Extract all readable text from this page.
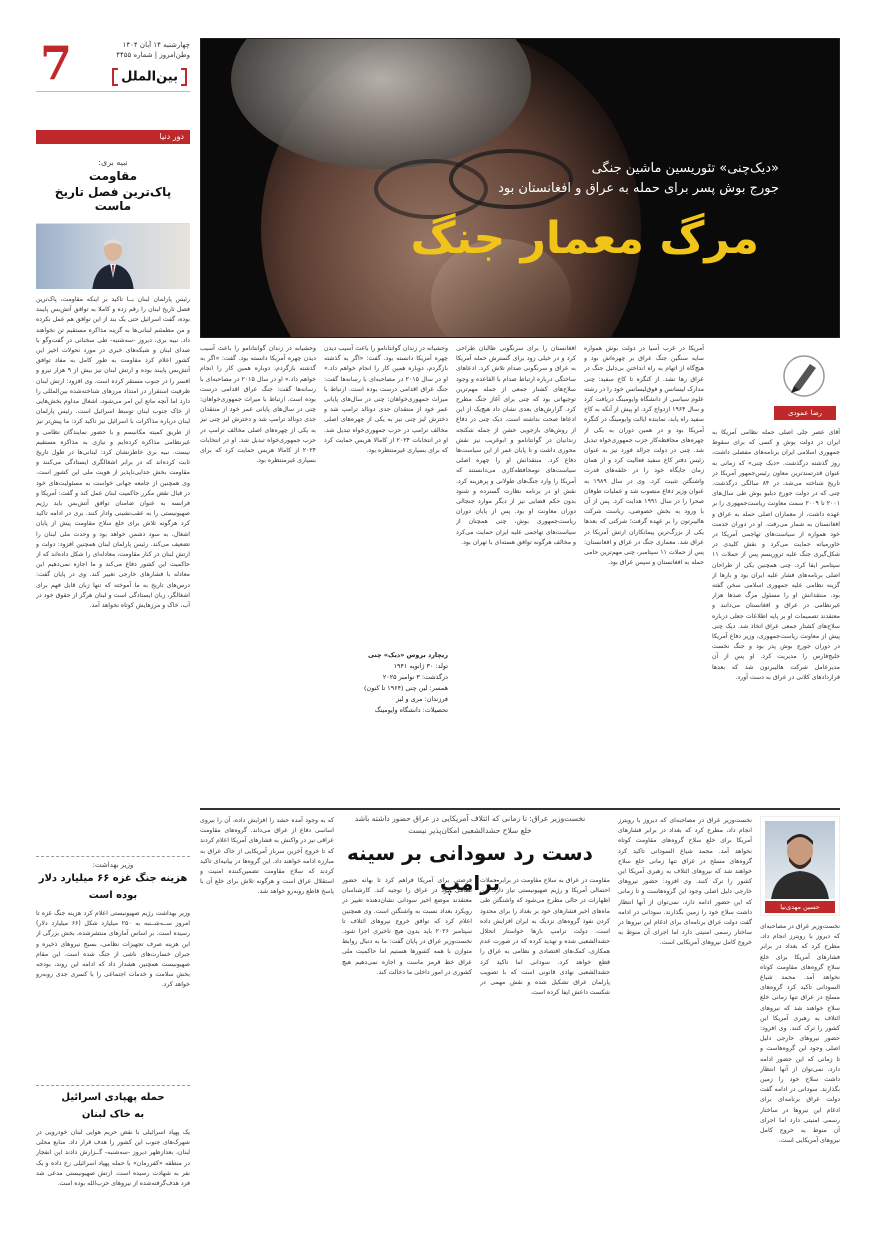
7	چهارشنبه ۱۴ آبان ۱۴۰۴
وطن‌امروز | شماره ۴۴۵۵
بین‌الملل
دور دنیا
نبیه بری:
مقاومت
پاک‌ترین فصل تاریخ ماست
رئیس پارلمان لبنان بــا تاکید بر اینکه مقاومت، پاک‌ترین فصل تاریخ لبنان را رقم زده و کاملا به توافق آتش‌بس پایبند بوده، گفت اسرائیل حتی یک بند از این توافق هم عمل نکرده و من مطمئنم لبنانی‌ها به گزینه مذاکره مستقیم تن نخواهند داد. نبیه بری، دیروز -سه‌شنبه- طی سخنانی در گفت‌وگو با صدای لبنان و شبکه‌های خبری در مورد تحولات اخیر این کشور اعلام کرد مقاومت به طور کامل به مفاد توافق آتش‌بس پایبند بوده و ارتش لبنان نیز بیش از ۹ هزار نیرو و افسر را در جنوب مستقر کرده است. وی افزود: ارتش لبنان ظرفیت استقرار در امتداد مرزهای شناخته‌شده بین‌المللی را دارد اما آنچه مانع این امر می‌شود، اشغال مداوم بخش‌هایی از خاک جنوب لبنان توسط اسرائیل است. رئیس پارلمان لبنان درباره مذاکرات با اسرائیل نیز تاکید کرد: ما پیش‌تر نیز از طریق کمیته مکانیسم و با حضور نمایندگان نظامی و غیرنظامی مذاکره کرده‌ایم و نیازی به مذاکره مستقیم نیست. نبیه بری خاطرنشان کرد: لبنانی‌ها در طول تاریخ ثابت کرده‌اند که در برابر اشغالگری ایستادگی می‌کنند و مقاومت بخش جدایی‌ناپذیر از هویت ملی این کشور است. وی همچنین از جامعه جهانی خواست به مسئولیت‌های خود در قبال نقض مکرر حاکمیت لبنان عمل کند و گفت: آمریکا و فرانسه به عنوان ضامنان توافق آتش‌بس باید رژیم صهیونیستی را به عقب‌نشینی وادار کنند. بری در ادامه تاکید کرد هرگونه تلاش برای خلع سلاح مقاومت پیش از پایان اشغال، به سود دشمن خواهد بود و وحدت ملی لبنان را تضعیف می‌کند. رئیس پارلمان لبنان همچنین افزود: دولت و ارتش لبنان در کنار مقاومت، معادله‌ای را شکل داده‌اند که از حاکمیت این کشور دفاع می‌کند و ما اجازه نمی‌دهیم این معادله با فشارهای خارجی تغییر کند. وی در پایان گفت: درس‌های تاریخ به ما آموخته که تنها زبان قابل فهم برای اشغالگر، زبان ایستادگی است و لبنان هرگز از حقوق خود در آب، خاک و مرزهایش کوتاه نخواهد آمد.
وزیر بهداشت:
هزینه جنگ غزه ۶۶ میلیارد دلار
بوده است
وزیر بهداشت رژیم صهیونیستی اعلام کرد هزینه جنگ غزه تا امروز ســه‌شــنبه به ۲۵۰ میلیارد شکل (۶۶ میلیارد دلار) رسیده است. بر اساس آمارهای منتشرشده، بخش بزرگی از این هزینه صرف تجهیزات نظامی، بسیج نیروهای ذخیره و جبران خسارت‌های ناشی از جنگ شده است. این مقام صهیونیست همچنین هشدار داد که ادامه این روند، بودجه بخش سلامت و خدمات اجتماعی را با کسری جدی روبه‌رو خواهد کرد.
حمله پهپادی اسرائیل
به خاک لبنان
یک پهپاد اسرائیلی با نقض حریم هوایی لبنان خودرویی در شهرک‌های جنوب این کشور را هدف قرار داد. منابع محلی لبنان، بعدازظهر دیروز -سه‌شنبه- گــزارش دادند این انفجار در منطقه «کفررمان» با حمله پهپاد اسرائیلی رخ داده و یک نفر به شهادت رسیده است. ارتش صهیونیستی مدعی شد فرد هدف‌گرفته‌شده از نیروهای حزب‌الله بوده است.
«دیک‌چنی» تئوریسین ماشین جنگی
جورج بوش پسر برای حمله به عراق و افغانستان بود
مرگ معمار جنگ
رضا عمودی
آقای عصر جلی اصلی حمله نظامی آمریکا به ایران در دولت بوش و کسی که برای سقوط جمهوری اسلامی ایران برنامه‌های مفصلی داشت، روز گذشته درگذشت. «دیک چنی» که زمانی به عنوان قدرتمندترین معاون رئیس‌جمهور آمریکا در تاریخ شناخته می‌شد، در ۸۴ سالگی درگذشت. چنی که در دولت جورج دبلیو بوش طی سال‌های ۲۰۰۱ تا ۲۰۰۹ سمت معاونت ریاست‌جمهوری را بر عهده داشت، از معماران اصلی حمله به عراق و افغانستان به شمار می‌رفت. او در دوران خدمت خود همواره از سیاست‌های تهاجمی آمریکا در خاورمیانه حمایت می‌کرد و نقش کلیدی در شکل‌گیری جنگ علیه تروریسم پس از حملات ۱۱ سپتامبر ایفا کرد. چنی همچنین یکی از طراحان اصلی برنامه‌های فشار علیه ایران بود و بارها از گزینه نظامی علیه جمهوری اسلامی سخن گفته بود. منتقدانش او را مسئول مرگ صدها هزار غیرنظامی در عراق و افغانستان می‌دانند و معتقدند تصمیمات او بر پایه اطلاعات جعلی درباره سلاح‌های کشتار جمعی عراق اتخاذ شد. دیک چنی پیش از معاونت ریاست‌جمهوری، وزیر دفاع آمریکا در دوران جورج بوش پدر بود و جنگ نخست خلیج‌فارس را مدیریت کرد. او پس از آن مدیرعامل شرکت هالیبرتون شد که بعدها قراردادهای کلانی در عراق به دست آورد.
آمریکا در غرب آسیا در دولت بوش همواره سایه سنگین جنگ عراق بر چهره‌اش بود و هیچ‌گاه از اتهام به راه انداختن بی‌دلیل جنگ در عراق رها نشد. از کنگره تا کاخ سفید: چنی مدارک لیسانس و فوق‌لیسانس خود را در رشته علوم سیاسی از دانشگاه وایومینگ دریافت کرد و سال ۱۹۶۴ ازدواج کرد. او پیش از آنکه به کاخ سفید راه یابد، نماینده ایالت وایومینگ در کنگره آمریکا بود و در همین دوران به یکی از چهره‌های محافظه‌کار حزب جمهوری‌خواه تبدیل شد. چنی در دولت جرالد فورد نیز به عنوان رئیس دفتر کاخ سفید فعالیت کرد و از همان زمان جایگاه خود را در حلقه‌های قدرت واشنگتن تثبیت کرد. وی در سال ۱۹۸۹ به عنوان وزیر دفاع منصوب شد و عملیات طوفان صحرا را در سال ۱۹۹۱ هدایت کرد. پس از آن با ورود به بخش خصوصی، ریاست شرکت هالیبرتون را بر عهده گرفت؛ شرکتی که بعدها یکی از بزرگ‌ترین پیمانکاران ارتش آمریکا در عراق شد. معماری جنگ در عراق و افغانستان: پس از حملات ۱۱ سپتامبر، چنی مهم‌ترین حامی حمله به افغانستان و سپس عراق بود.
افغانستان را برای سرنگونی طالبان طراحی کرد و در خیلی زود برای گسترش حمله آمریکا به عراق و سرنگونی صدام تلاش کرد. ادعاهای ساختگی درباره ارتباط صدام با القاعده و وجود سلاح‌های کشتار جمعی از جمله مهم‌ترین توجیهاتی بود که چنی برای آغاز جنگ مطرح کرد. گزارش‌های بعدی نشان داد هیچ‌یک از این ادعاها صحت نداشته است. دیک چنی در دفاع از روش‌های بازجویی خشن از جمله شکنجه زندانیان در گوانتانامو و ابوغریب نیز نقش محوری داشت و تا پایان عمر از این سیاست‌ها دفاع کرد. منتقدانش او را چهره اصلی سیاست‌های نومحافظه‌کاری می‌دانستند که آمریکا را وارد جنگ‌های طولانی و پرهزینه کرد. نقش او در برنامه نظارت گسترده و شنود بدون حکم قضایی نیز از دیگر موارد جنجالی دوران معاونت او بود. پس از پایان دوران ریاست‌جمهوری بوش، چنی همچنان از سیاست‌های تهاجمی علیه ایران حمایت می‌کرد و مخالف هرگونه توافق هسته‌ای با تهران بود.
وحشیانه در زندان گوانتانامو را باعث آسیب دیدن چهره آمریکا دانسته بود. گفت: «اگر به گذشته بازگردم، دوباره همین کار را انجام خواهم داد.» او در سال ۲۰۱۵ در مصاحبه‌ای با رسانه‌ها گفت: جنگ عراق اقدامی درست بوده است. ارتباط با میراث جمهوری‌خواهان: چنی در سال‌های پایانی عمر خود از منتقدان جدی دونالد ترامپ شد و دخترش لیز چنی نیز به یکی از چهره‌های اصلی مخالف ترامپ در حزب جمهوری‌خواه تبدیل شد. او در انتخابات ۲۰۲۴ از کامالا هریس حمایت کرد که برای بسیاری غیرمنتظره بود.
ریچارد بروس «دیک» چنی
تولد: ۳۰ ژانویه ۱۹۴۱
درگذشت: ۳ نوامبر ۲۰۲۵
همسر: لین چنی (۱۹۶۴ تا کنون)
فرزندان: مری و لیز
تحصیلات: دانشگاه وایومینگ
وحشیانه در زندان گوانتانامو را باعث آسیب دیدن چهره آمریکا دانسته بود. گفت: «اگر به گذشته بازگردم، دوباره همین کار را انجام خواهم داد.» او در سال ۲۰۱۵ در مصاحبه‌ای با رسانه‌ها گفت: جنگ عراق اقدامی درست بوده است. ارتباط با میراث جمهوری‌خواهان: چنی در سال‌های پایانی عمر خود از منتقدان جدی دونالد ترامپ شد و دخترش لیز چنی نیز به یکی از چهره‌های اصلی مخالف ترامپ در حزب جمهوری‌خواه تبدیل شد. او در انتخابات ۲۰۲۴ از کامالا هریس حمایت کرد که برای بسیاری غیرمنتظره بود.
حسین مهدی‌نیا
نخست‌وزیر عراق: تا زمانی که ائتلاف آمریکایی در عراق حضور داشته باشد
خلع سلاح حشدالشعبی امکان‌پذیر نیست
دست رد سودانی بر سینه ترامپ
نخست‌وزیر عراق در مصاحبه‌ای که دیروز با رویترز انجام داد، مطرح کرد که بغداد در برابر فشارهای آمریکا برای خلع سلاح گروه‌های مقاومت کوتاه نخواهد آمد. محمد شیاع السودانی تاکید کرد گروه‌های مسلح در عراق تنها زمانی خلع سلاح خواهند شد که نیروهای ائتلاف به رهبری آمریکا این کشور را ترک کنند. وی افزود: حضور نیروهای خارجی دلیل اصلی وجود این گروه‌هاست و تا زمانی که این حضور ادامه دارد، نمی‌توان از آنها انتظار داشت سلاح خود را زمین بگذارند. سودانی در ادامه گفت دولت عراق برنامه‌ای برای ادغام این نیروها در ساختار رسمی امنیتی دارد اما اجرای آن منوط به خروج کامل نیروهای آمریکایی است.
نخست‌وزیر عراق در مصاحبه‌ای که دیروز با رویترز انجام داد، مطرح کرد که بغداد در برابر فشارهای آمریکا برای خلع سلاح گروه‌های مقاومت کوتاه نخواهد آمد. محمد شیاع السودانی تاکید کرد گروه‌های مسلح در عراق تنها زمانی خلع سلاح خواهند شد که نیروهای ائتلاف به رهبری آمریکا این کشور را ترک کنند. وی افزود: حضور نیروهای خارجی دلیل اصلی وجود این گروه‌هاست و تا زمانی که این حضور ادامه دارد، نمی‌توان از آنها انتظار داشت سلاح خود را زمین بگذارند. سودانی در ادامه گفت دولت عراق برنامه‌ای برای ادغام این نیروها در ساختار رسمی امنیتی دارد اما اجرای آن منوط به خروج کامل نیروهای آمریکایی است.
مقاومت در عراق به سلاح مقاومت در برابر حملات احتمالی آمریکا و رژیم صهیونیستی نیاز دارد. این اظهارات در حالی مطرح می‌شود که واشنگتن طی ماه‌های اخیر فشارهای خود بر بغداد را برای محدود کردن نفوذ گروه‌های نزدیک به ایران افزایش داده است. دولت ترامپ بارها خواستار انحلال حشدالشعبی شده و تهدید کرده که در صورت عدم همکاری، کمک‌های اقتصادی و نظامی به عراق را قطع خواهد کرد. سودانی اما تاکید کرد حشدالشعبی نهادی قانونی است که با تصویب پارلمان عراق تشکیل شده و نقش مهمی در شکست داعش ایفا کرده است.
فرصتی برای آمریکا فراهم کرد تا بهانه حضور نظامی خود در عراق را توجیه کند. کارشناسان معتقدند موضع اخیر سودانی نشان‌دهنده تغییر در رویکرد بغداد نسبت به واشنگتن است. وی همچنین اعلام کرد که توافق خروج نیروهای ائتلاف تا سپتامبر ۲۰۲۶ باید بدون هیچ تاخیری اجرا شود. نخست‌وزیر عراق در پایان گفت: ما به دنبال روابط متوازن با همه کشورها هستیم اما حاکمیت ملی عراق خط قرمز ماست و اجازه نمی‌دهیم هیچ کشوری در امور داخلی ما دخالت کند.
که به وجود آمده حشد را افزایش داده، آن را نیروی اساسی دفاع از عراق می‌داند. گروه‌های مقاومت عراقی نیز در واکنش به فشارهای آمریکا اعلام کردند که تا خروج آخرین سرباز آمریکایی از خاک عراق به مبارزه ادامه خواهند داد. این گروه‌ها در بیانیه‌ای تاکید کردند که سلاح مقاومت تضمین‌کننده امنیت و استقلال عراق است و هرگونه تلاش برای خلع آن با پاسخ قاطع روبه‌رو خواهد شد.
